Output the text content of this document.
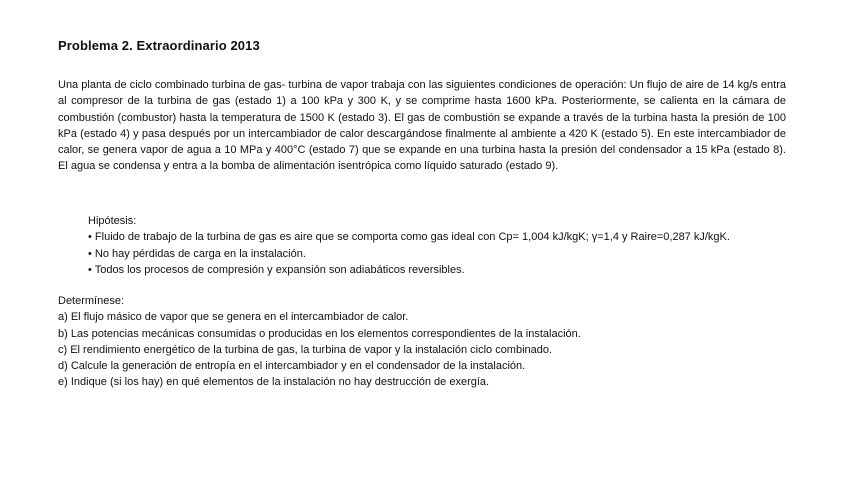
Problema 2. Extraordinario 2013
Una planta de ciclo combinado turbina de gas- turbina de vapor trabaja con las siguientes condiciones de operación: Un flujo de aire de 14 kg/s entra al compresor de la turbina de gas (estado 1) a 100 kPa y 300 K, y se comprime hasta 1600 kPa. Posteriormente, se calienta en la cámara de combustión (combustor) hasta la temperatura de 1500 K (estado 3). El gas de combustión se expande a través de la turbina hasta la presión de 100 kPa (estado 4) y pasa después por un intercambiador de calor descargándose finalmente al ambiente a 420 K (estado 5). En este intercambiador de calor, se genera vapor de agua a 10 MPa y 400°C (estado 7) que se expande en una turbina hasta la presión del condensador a 15 kPa (estado 8). El agua se condensa y entra a la bomba de alimentación isentrópica como líquido saturado (estado 9).
Hipótesis:
• Fluido de trabajo de la turbina de gas es aire que se comporta como gas ideal con Cp= 1,004 kJ/kgK; γ=1,4 y Raire=0,287 kJ/kgK.
• No hay pérdidas de carga en la instalación.
• Todos los procesos de compresión y expansión son adiabáticos reversibles.
Determínese:
a) El flujo másico de vapor que se genera en el intercambiador de calor.
b) Las potencias mecánicas consumidas o producidas en los elementos correspondientes de la instalación.
c) El rendimiento energético de la turbina de gas, la turbina de vapor y la instalación ciclo combinado.
d) Calcule la generación de entropía en el intercambiador y en el condensador de la instalación.
e) Indique (si los hay) en qué elementos de la instalación no hay destrucción de exergía.
